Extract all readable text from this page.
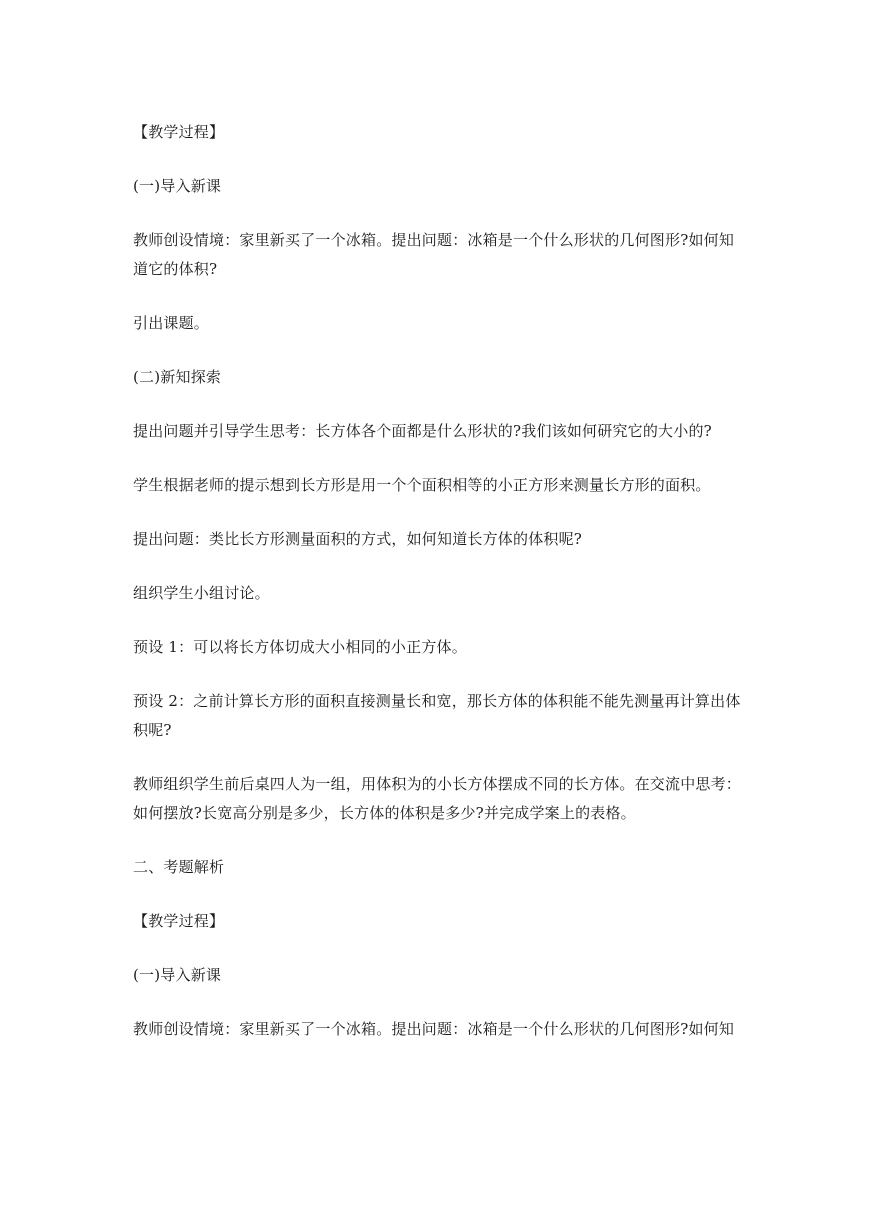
【教学过程】

(一)导入新课

教师创设情境：家里新买了一个冰箱。提出问题：冰箱是一个什么形状的几何图形?如何知道它的体积?

引出课题。

(二)新知探索

提出问题并引导学生思考：长方体各个面都是什么形状的?我们该如何研究它的大小的?

学生根据老师的提示想到长方形是用一个个面积相等的小正方形来测量长方形的面积。

提出问题：类比长方形测量面积的方式，如何知道长方体的体积呢?

组织学生小组讨论。

预设 1：可以将长方体切成大小相同的小正方体。

预设 2：之前计算长方形的面积直接测量长和宽，那长方体的体积能不能先测量再计算出体积呢?

教师组织学生前后桌四人为一组，用体积为的小长方体摆成不同的长方体。在交流中思考：如何摆放?长宽高分别是多少，长方体的体积是多少?并完成学案上的表格。

二、考题解析

【教学过程】

(一)导入新课

教师创设情境：家里新买了一个冰箱。提出问题：冰箱是一个什么形状的几何图形?如何知
